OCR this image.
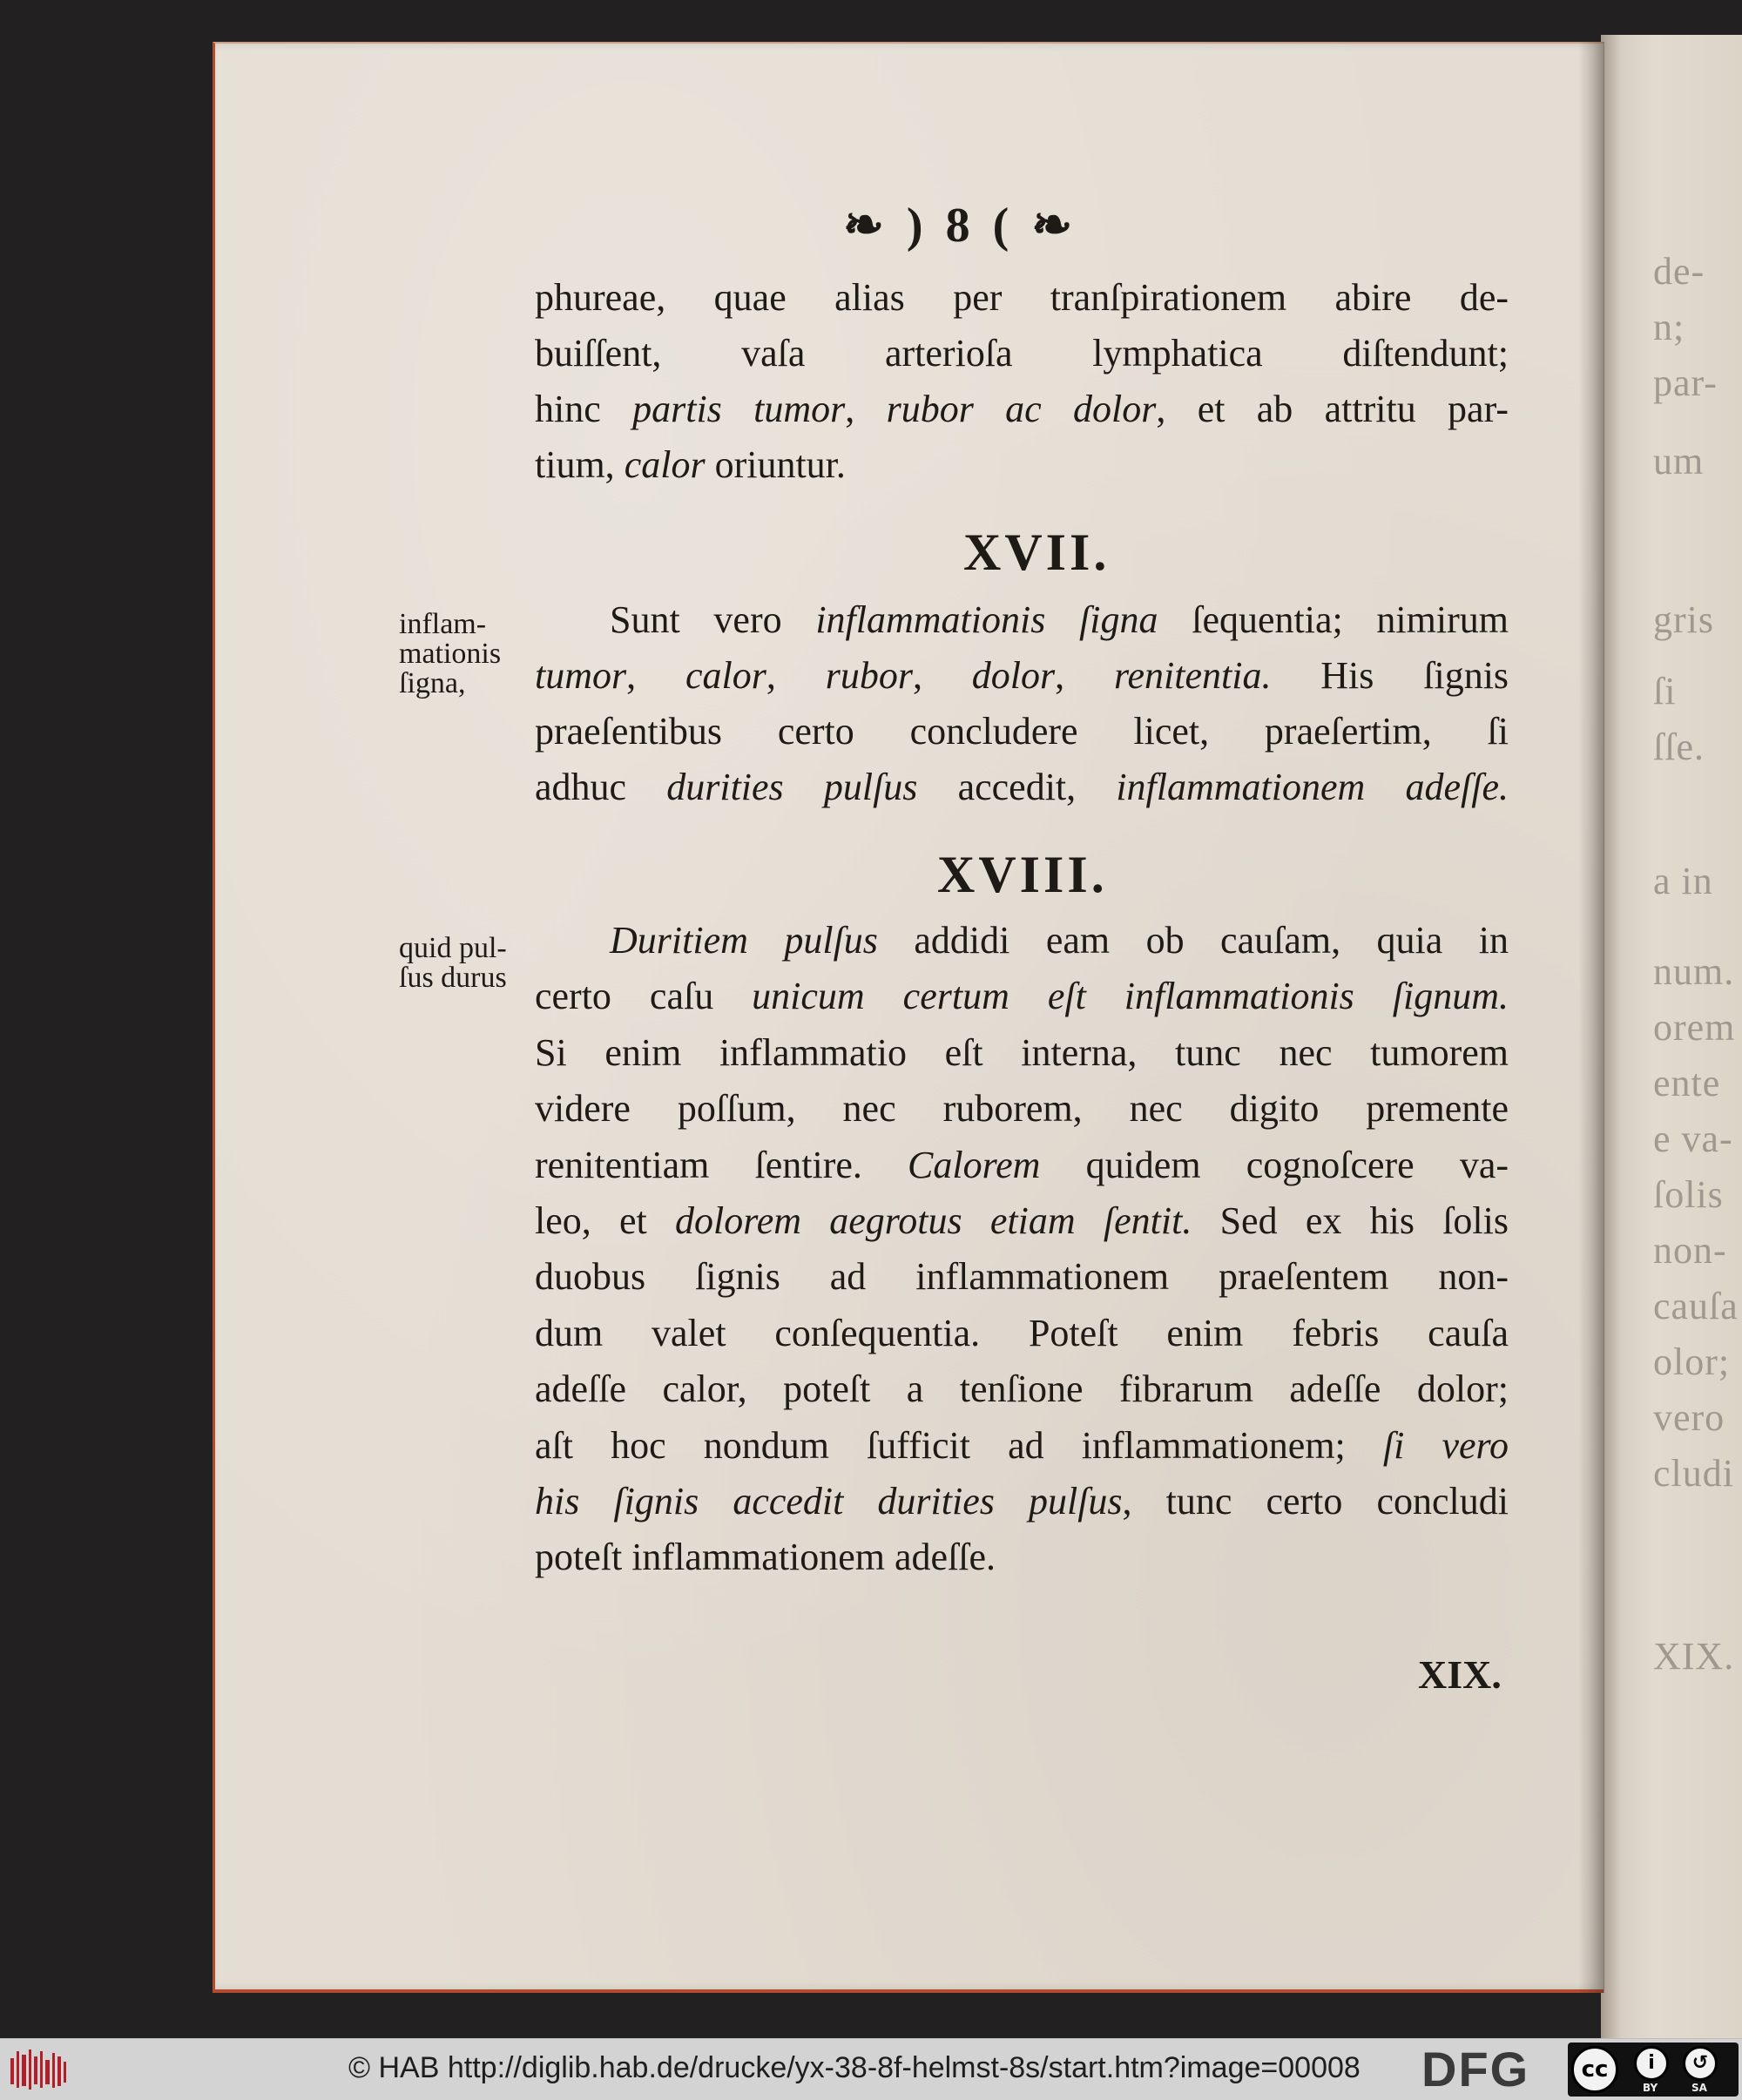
de-
n;
par-
um
gris
ſi
ſſe.
a in
num.
orem
ente
e va-
ſolis
non-
cauſa
olor;
vero
cludi
XIX.
❧ ) 8 ( ❧
phureae, quae alias per tranſpirationem abire de-
buiſſent, vaſa arterioſa lymphatica diſtendunt;
hinc partis tumor, rubor ac dolor, et ab attritu par-
tium, calor oriuntur.
XVII.
inflam-
mationis
ſigna,
Sunt vero inflammationis ſigna ſequentia; nimirum
tumor, calor, rubor, dolor, renitentia. His ſignis
praeſentibus certo concludere licet, praeſertim, ſi
adhuc durities pulſus accedit, inflammationem adeſſe.
XVIII.
quid pul-
ſus durus
Duritiem pulſus addidi eam ob cauſam, quia in
certo caſu unicum certum eſt inflammationis ſignum.
Si enim inflammatio eſt interna, tunc nec tumorem
videre poſſum, nec ruborem, nec digito premente
renitentiam ſentire. Calorem quidem cognoſcere va-
leo, et dolorem aegrotus etiam ſentit. Sed ex his ſolis
duobus ſignis ad inflammationem praeſentem non-
dum valet conſequentia. Poteſt enim febris cauſa
adeſſe calor, poteſt a tenſione fibrarum adeſſe dolor;
aſt hoc nondum ſufficit ad inflammationem; ſi vero
his ſignis accedit durities pulſus, tunc certo concludi
poteſt inflammationem adeſſe.
XIX.
© HAB http://diglib.hab.de/drucke/yx-38-8f-helmst-8s/start.htm?image=00008 DFG	cc	i	↺
BY	SA
